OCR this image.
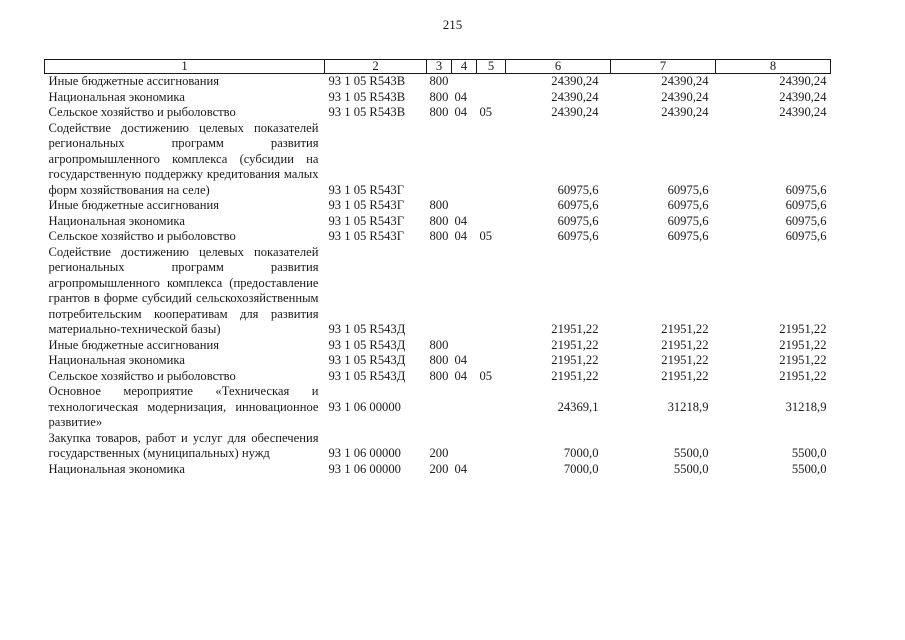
215
1	2	3	4	5	6	7	8
Иные бюджетные ассигнования	93 1 05 R543В	800			24390,24	24390,24	24390,24
Национальная экономика	93 1 05 R543В	800	04		24390,24	24390,24	24390,24
Сельское хозяйство и рыболовство	93 1 05 R543В	800	04	05	24390,24	24390,24	24390,24
Содействие достижению целевых показателей региональных программ развития агропромышленного комплекса (субсидии на государственную поддержку кредитования малых форм хозяйствования на селе)	93 1 05 R543Г				60975,6	60975,6	60975,6
Иные бюджетные ассигнования	93 1 05 R543Г	800			60975,6	60975,6	60975,6
Национальная экономика	93 1 05 R543Г	800	04		60975,6	60975,6	60975,6
Сельское хозяйство и рыболовство	93 1 05 R543Г	800	04	05	60975,6	60975,6	60975,6
Содействие достижению целевых показателей региональных программ развития агропромышленного комплекса (предоставление грантов в форме субсидий сельскохозяйственным потребительским кооперативам для развития материально-технической базы)	93 1 05 R543Д				21951,22	21951,22	21951,22
Иные бюджетные ассигнования	93 1 05 R543Д	800			21951,22	21951,22	21951,22
Национальная экономика	93 1 05 R543Д	800	04		21951,22	21951,22	21951,22
Сельское хозяйство и рыболовство	93 1 05 R543Д	800	04	05	21951,22	21951,22	21951,22
Основное мероприятие «Техническая и технологическая модернизация, инновационное развитие»	93 1 06 00000				24369,1	31218,9	31218,9
Закупка товаров, работ и услуг для обеспечения государственных (муниципальных) нужд	93 1 06 00000	200			7000,0	5500,0	5500,0
Национальная экономика	93 1 06 00000	200	04		7000,0	5500,0	5500,0
